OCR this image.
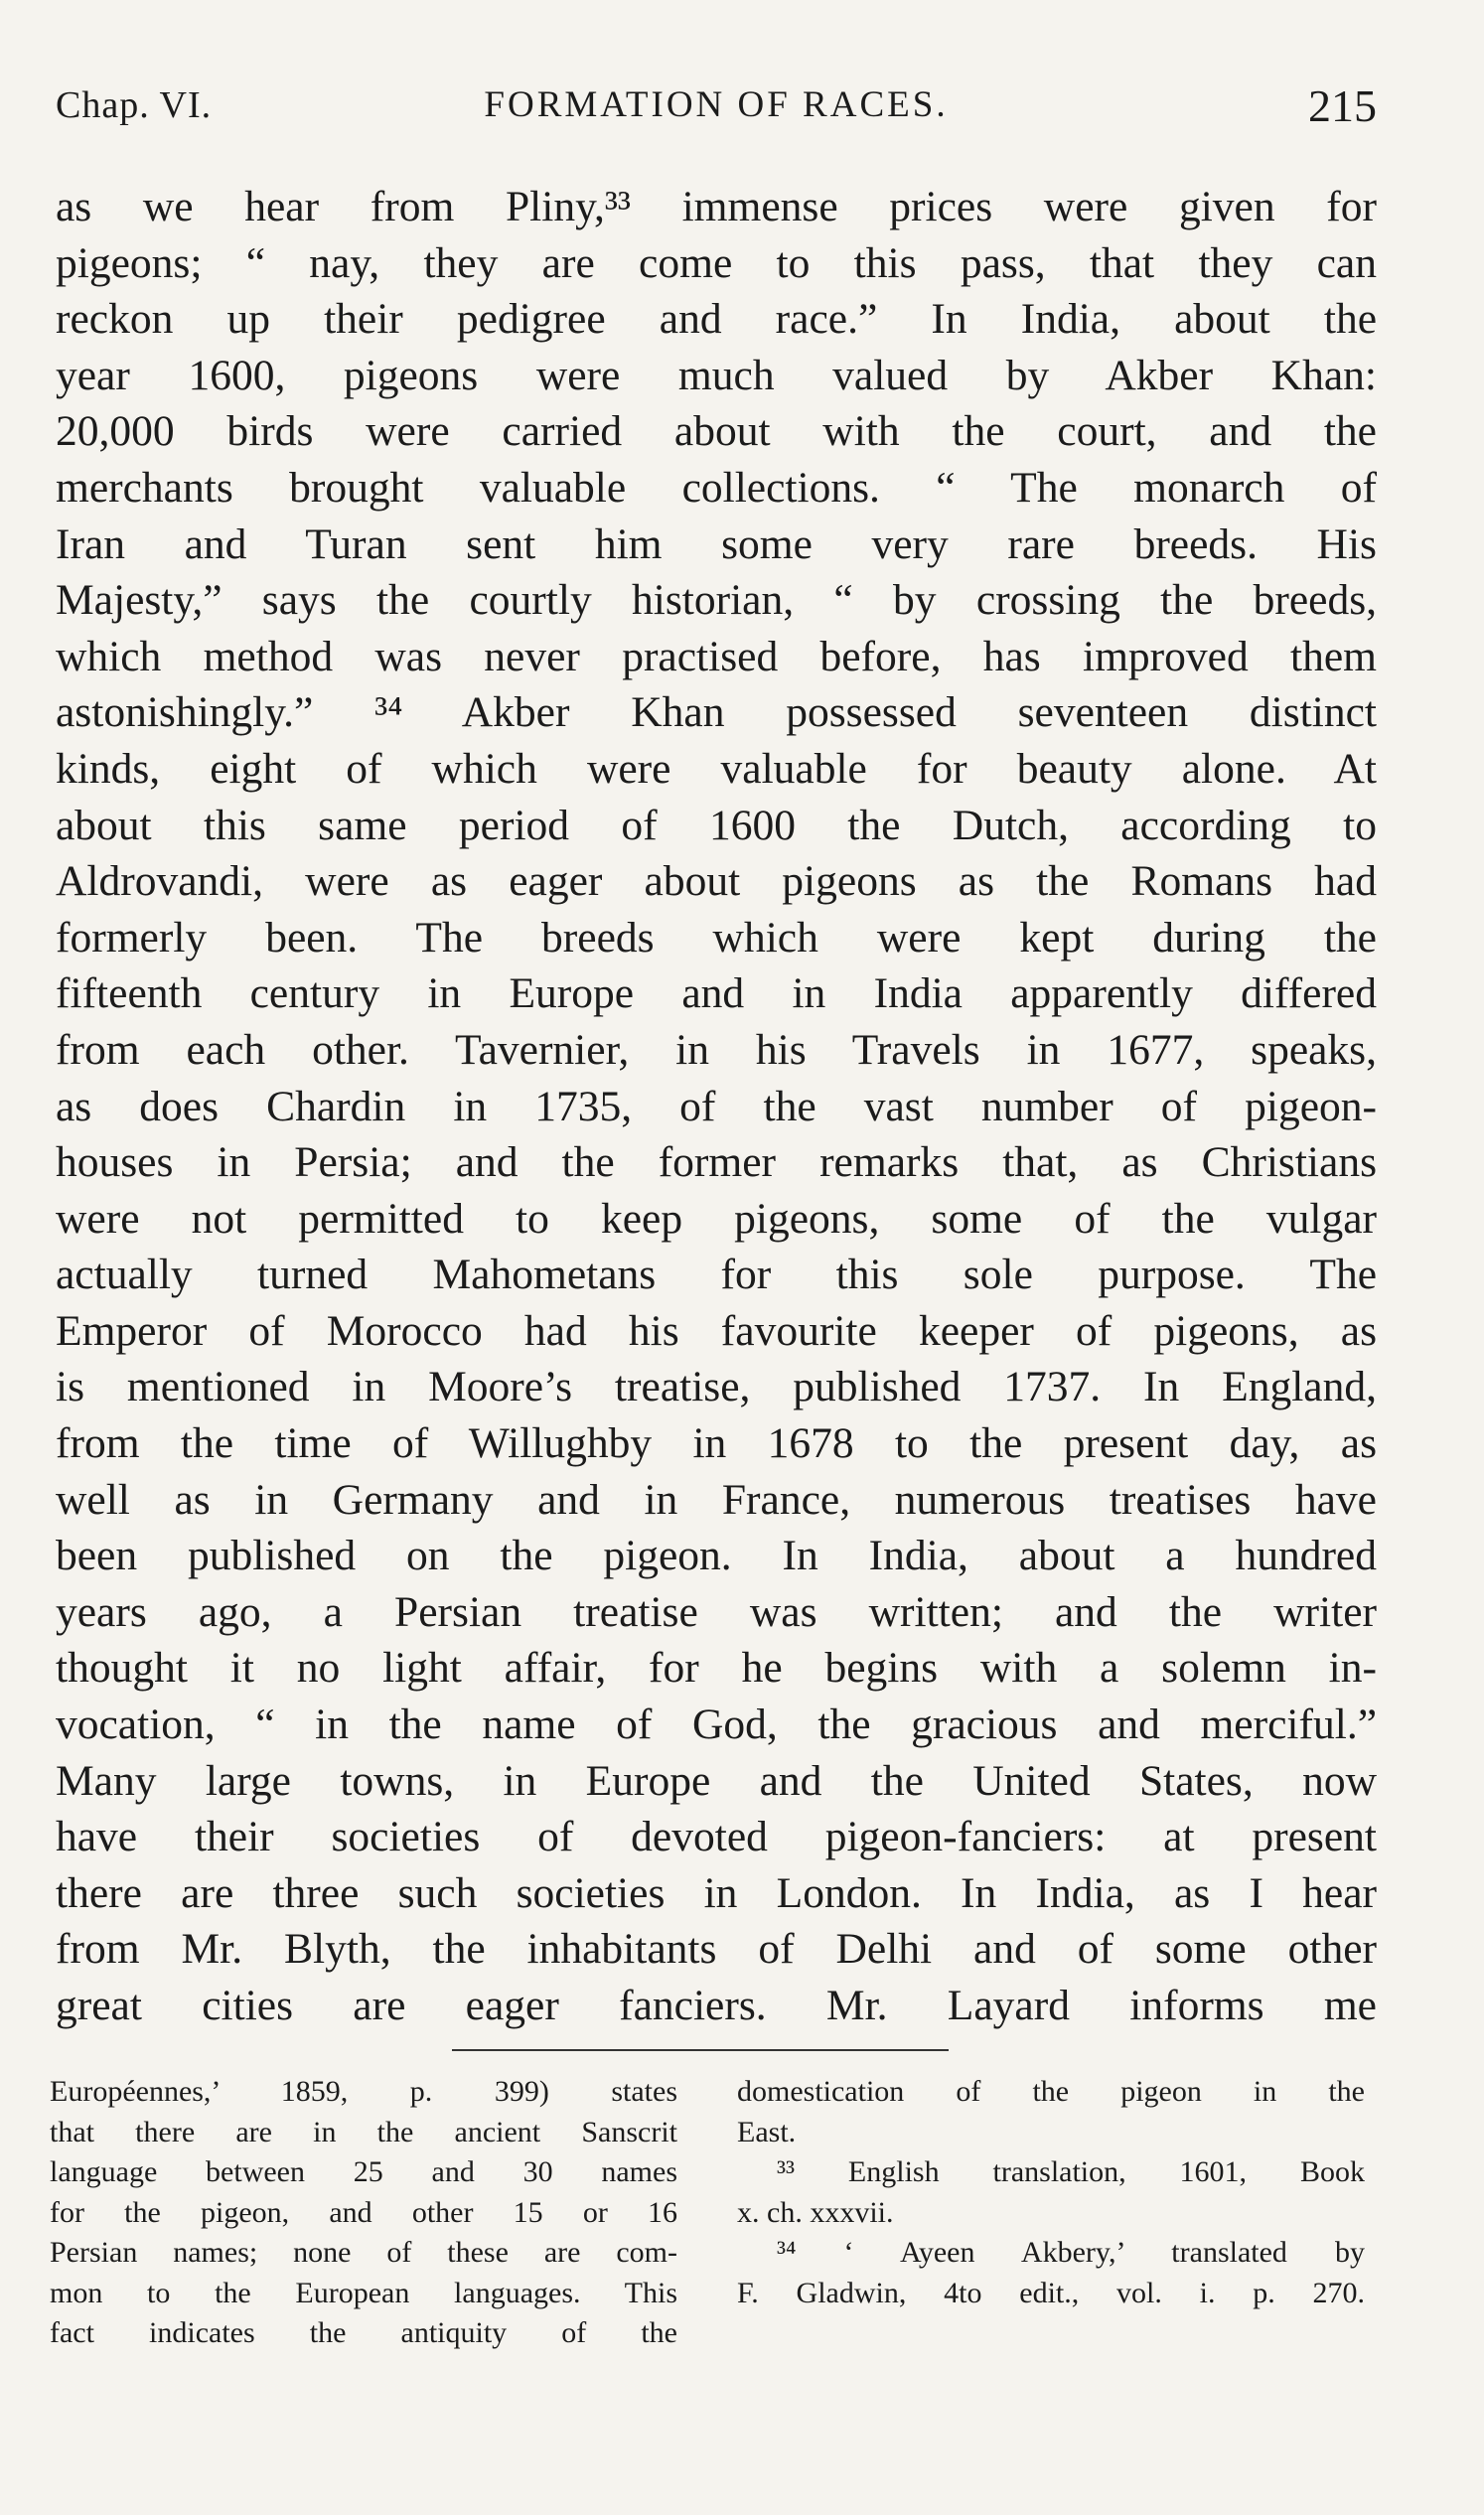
Chap. VI.	FORMATION OF RACES.	215
as we hear from Pliny,³³ immense prices were given for
pigeons; “ nay, they are come to this pass, that they can
reckon up their pedigree and race.” In India, about the
year 1600, pigeons were much valued by Akber Khan:
20,000 birds were carried about with the court, and the
merchants brought valuable collections. “ The monarch of
Iran and Turan sent him some very rare breeds. His
Majesty,” says the courtly historian, “ by crossing the breeds,
which method was never practised before, has improved them
astonishingly.” ³⁴ Akber Khan possessed seventeen distinct
kinds, eight of which were valuable for beauty alone. At
about this same period of 1600 the Dutch, according to
Aldrovandi, were as eager about pigeons as the Romans had
formerly been. The breeds which were kept during the
fifteenth century in Europe and in India apparently differed
from each other. Tavernier, in his Travels in 1677, speaks,
as does Chardin in 1735, of the vast number of pigeon-
houses in Persia; and the former remarks that, as Christians
were not permitted to keep pigeons, some of the vulgar
actually turned Mahometans for this sole purpose. The
Emperor of Morocco had his favourite keeper of pigeons, as
is mentioned in Moore’s treatise, published 1737. In England,
from the time of Willughby in 1678 to the present day, as
well as in Germany and in France, numerous treatises have
been published on the pigeon. In India, about a hundred
years ago, a Persian treatise was written; and the writer
thought it no light affair, for he begins with a solemn in-
vocation, “ in the name of God, the gracious and merciful.”
Many large towns, in Europe and the United States, now
have their societies of devoted pigeon-fanciers: at present
there are three such societies in London. In India, as I hear
from Mr. Blyth, the inhabitants of Delhi and of some other
great cities are eager fanciers. Mr. Layard informs me
Européennes,’ 1859, p. 399) states
that there are in the ancient Sanscrit
language between 25 and 30 names
for the pigeon, and other 15 or 16
Persian names; none of these are com-
mon to the European languages. This
fact indicates the antiquity of the
domestication of the pigeon in the
East.
³³ English translation, 1601, Book
x. ch. xxxvii.
³⁴ ‘ Ayeen Akbery,’ translated by
F. Gladwin, 4to edit., vol. i. p. 270.
